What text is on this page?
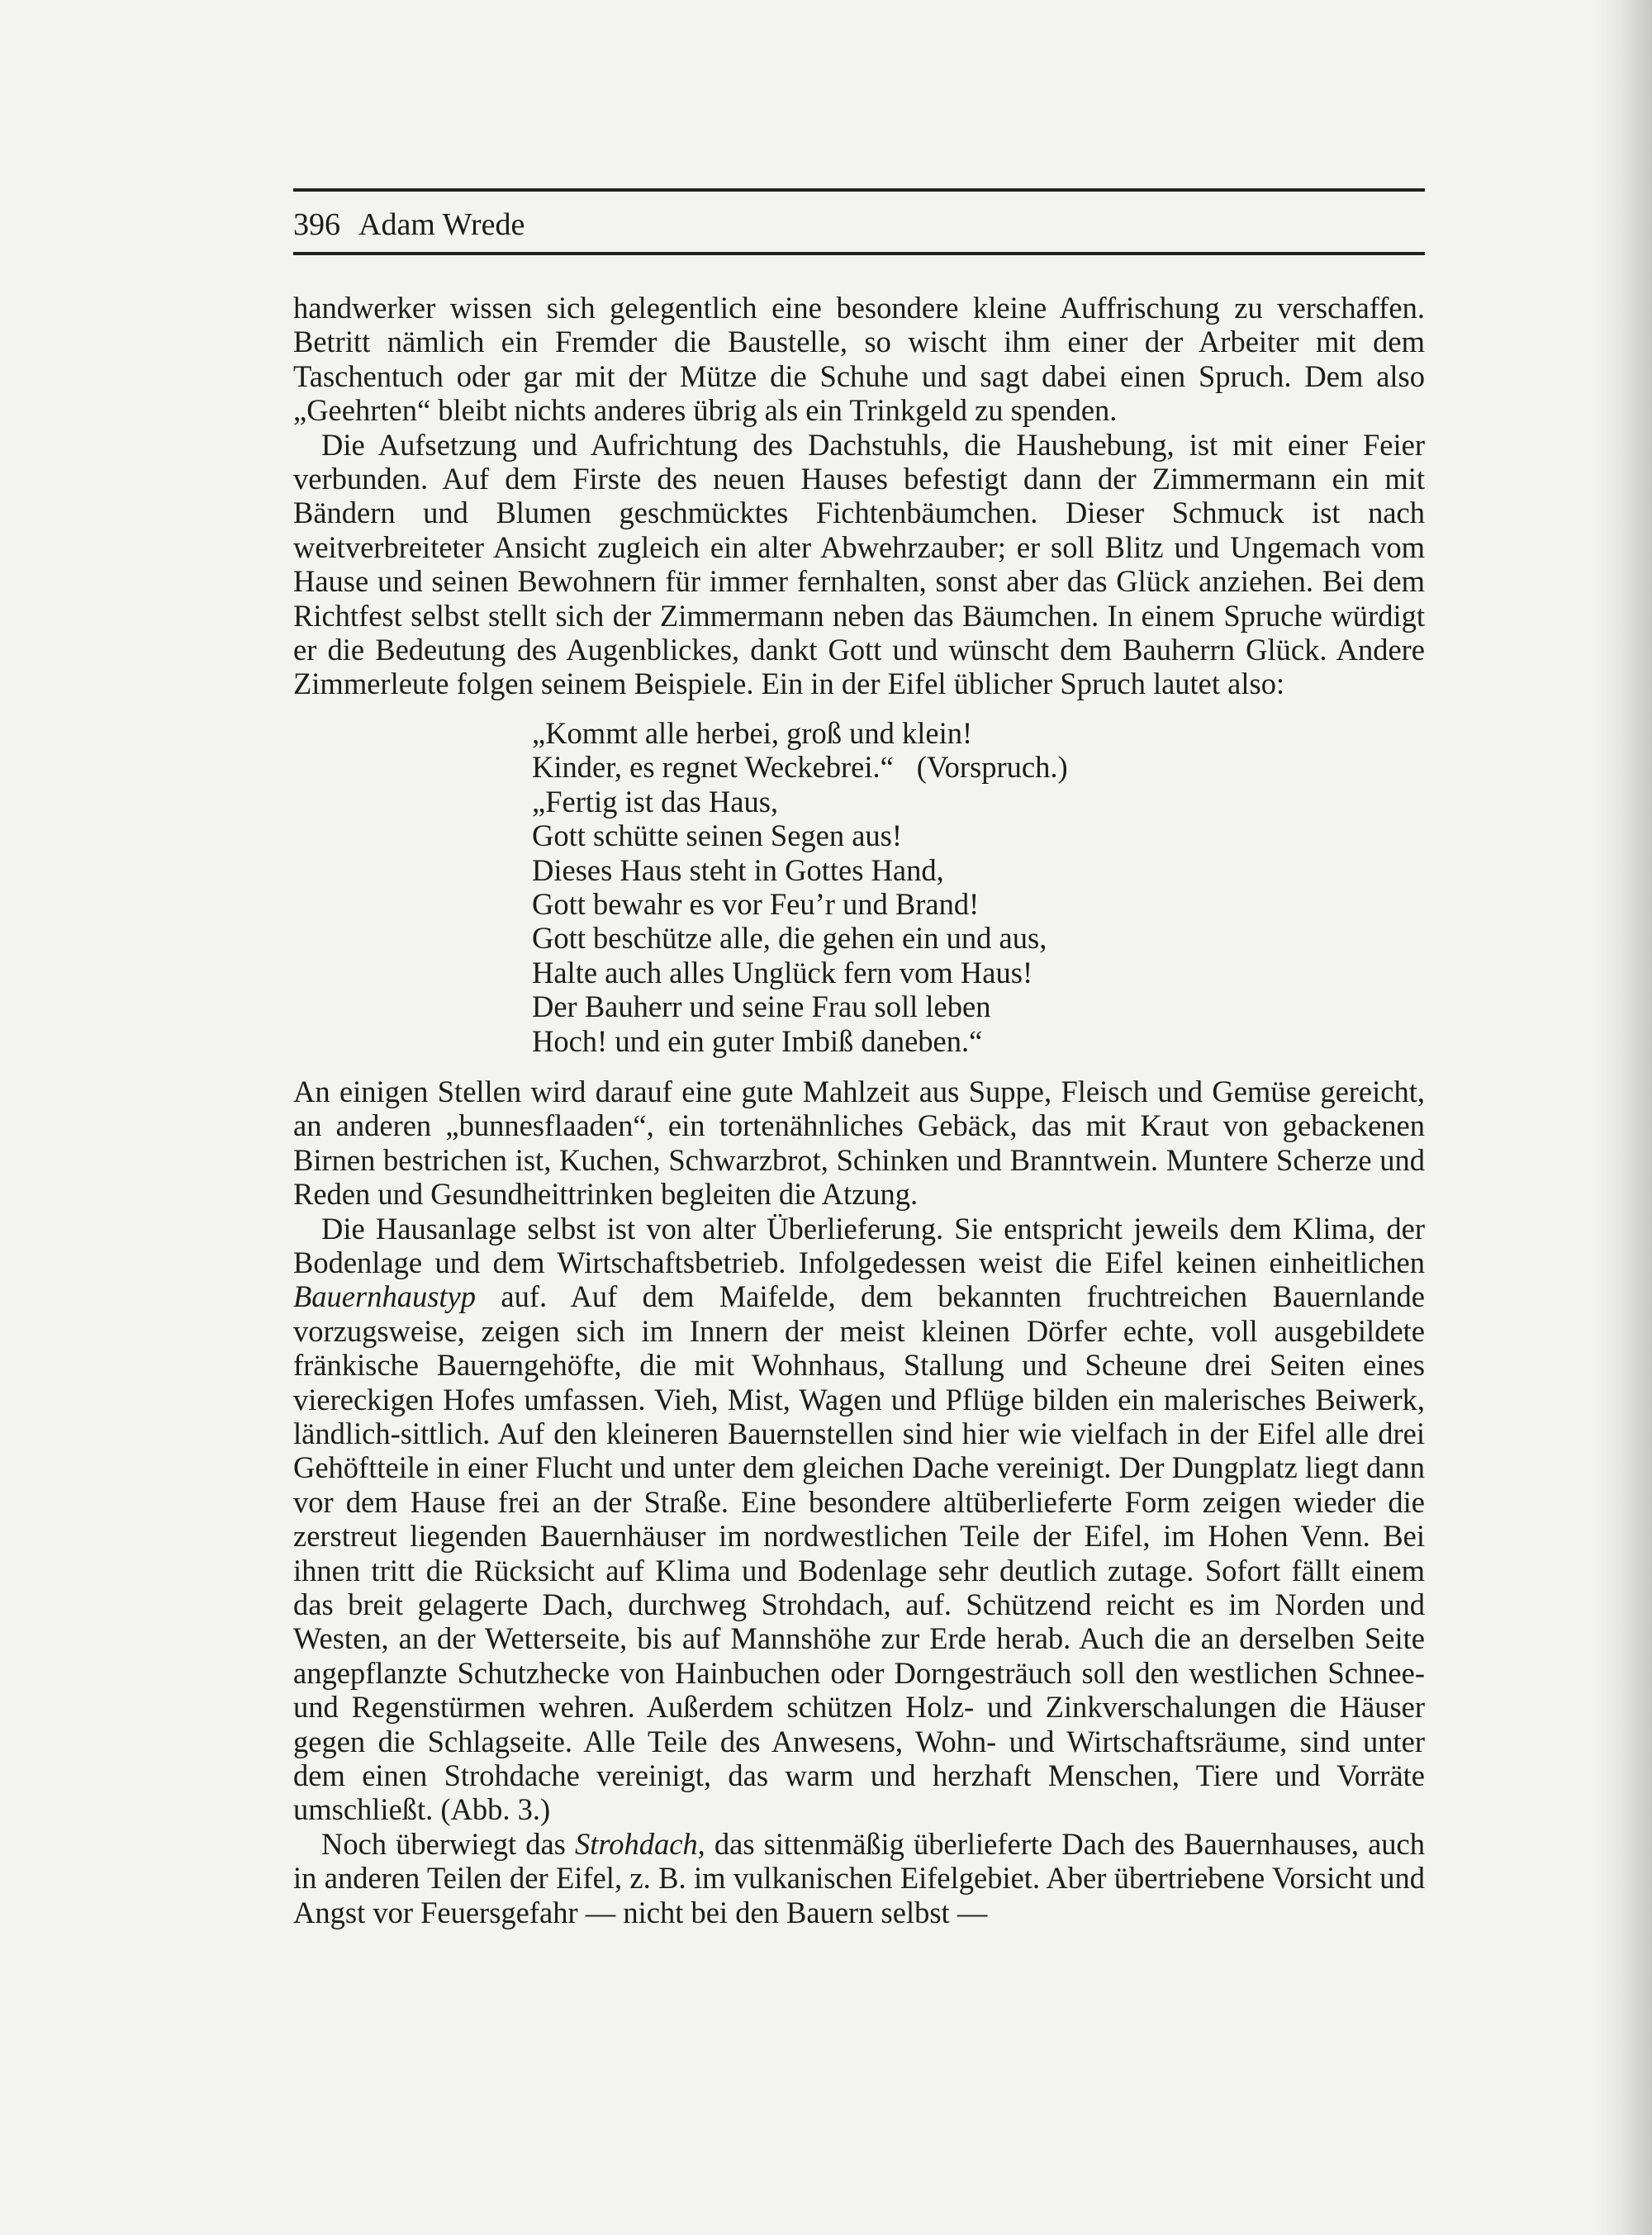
396 Adam Wrede

handwerker wissen sich gelegentlich eine besondere kleine Auffrischung zu verschaffen. Betritt nämlich ein Fremder die Baustelle, so wischt ihm einer der Arbeiter mit dem Taschentuch oder gar mit der Mütze die Schuhe und sagt dabei einen Spruch. Dem also „Geehrten“ bleibt nichts anderes übrig als ein Trinkgeld zu spenden.

Die Aufsetzung und Aufrichtung des Dachstuhls, die Haushebung, ist mit einer Feier verbunden. Auf dem Firste des neuen Hauses befestigt dann der Zimmermann ein mit Bändern und Blumen geschmücktes Fichtenbäumchen. Dieser Schmuck ist nach weitverbreiteter Ansicht zugleich ein alter Abwehrzauber; er soll Blitz und Ungemach vom Hause und seinen Bewohnern für immer fernhalten, sonst aber das Glück anziehen. Bei dem Richtfest selbst stellt sich der Zimmermann neben das Bäumchen. In einem Spruche würdigt er die Bedeutung des Augenblickes, dankt Gott und wünscht dem Bauherrn Glück. Andere Zimmerleute folgen seinem Beispiele. Ein in der Eifel üblicher Spruch lautet also:

„Kommt alle herbei, groß und klein!
Kinder, es regnet Weckebrei.“ (Vorspruch.)
„Fertig ist das Haus,
Gott schütte seinen Segen aus!
Dieses Haus steht in Gottes Hand,
Gott bewahr es vor Feu’r und Brand!
Gott beschütze alle, die gehen ein und aus,
Halte auch alles Unglück fern vom Haus!
Der Bauherr und seine Frau soll leben
Hoch! und ein guter Imbiß daneben.“

An einigen Stellen wird darauf eine gute Mahlzeit aus Suppe, Fleisch und Gemüse gereicht, an anderen „bunnesflaaden“, ein tortenähnliches Gebäck, das mit Kraut von gebackenen Birnen bestrichen ist, Kuchen, Schwarzbrot, Schinken und Branntwein. Muntere Scherze und Reden und Gesundheittrinken begleiten die Atzung.

Die Hausanlage selbst ist von alter Überlieferung. Sie entspricht jeweils dem Klima, der Bodenlage und dem Wirtschaftsbetrieb. Infolgedessen weist die Eifel keinen einheitlichen Bauernhaustyp auf. Auf dem Maifelde, dem bekannten fruchtreichen Bauernlande vorzugsweise, zeigen sich im Innern der meist kleinen Dörfer echte, voll ausgebildete fränkische Bauerngehöfte, die mit Wohnhaus, Stallung und Scheune drei Seiten eines viereckigen Hofes umfassen. Vieh, Mist, Wagen und Pflüge bilden ein malerisches Beiwerk, ländlich-sittlich. Auf den kleineren Bauernstellen sind hier wie vielfach in der Eifel alle drei Gehöftteile in einer Flucht und unter dem gleichen Dache vereinigt. Der Dungplatz liegt dann vor dem Hause frei an der Straße. Eine besondere altüberlieferte Form zeigen wieder die zerstreut liegenden Bauernhäuser im nordwestlichen Teile der Eifel, im Hohen Venn. Bei ihnen tritt die Rücksicht auf Klima und Bodenlage sehr deutlich zutage. Sofort fällt einem das breit gelagerte Dach, durchweg Strohdach, auf. Schützend reicht es im Norden und Westen, an der Wetterseite, bis auf Mannshöhe zur Erde herab. Auch die an derselben Seite angepflanzte Schutzhecke von Hainbuchen oder Dorngesträuch soll den westlichen Schnee- und Regenstürmen wehren. Außerdem schützen Holz- und Zinkverschalungen die Häuser gegen die Schlagseite. Alle Teile des Anwesens, Wohn- und Wirtschaftsräume, sind unter dem einen Strohdache vereinigt, das warm und herzhaft Menschen, Tiere und Vorräte umschließt. (Abb. 3.)

Noch überwiegt das Strohdach, das sittenmäßig überlieferte Dach des Bauernhauses, auch in anderen Teilen der Eifel, z. B. im vulkanischen Eifelgebiet. Aber übertriebene Vorsicht und Angst vor Feuersgefahr — nicht bei den Bauern selbst —
